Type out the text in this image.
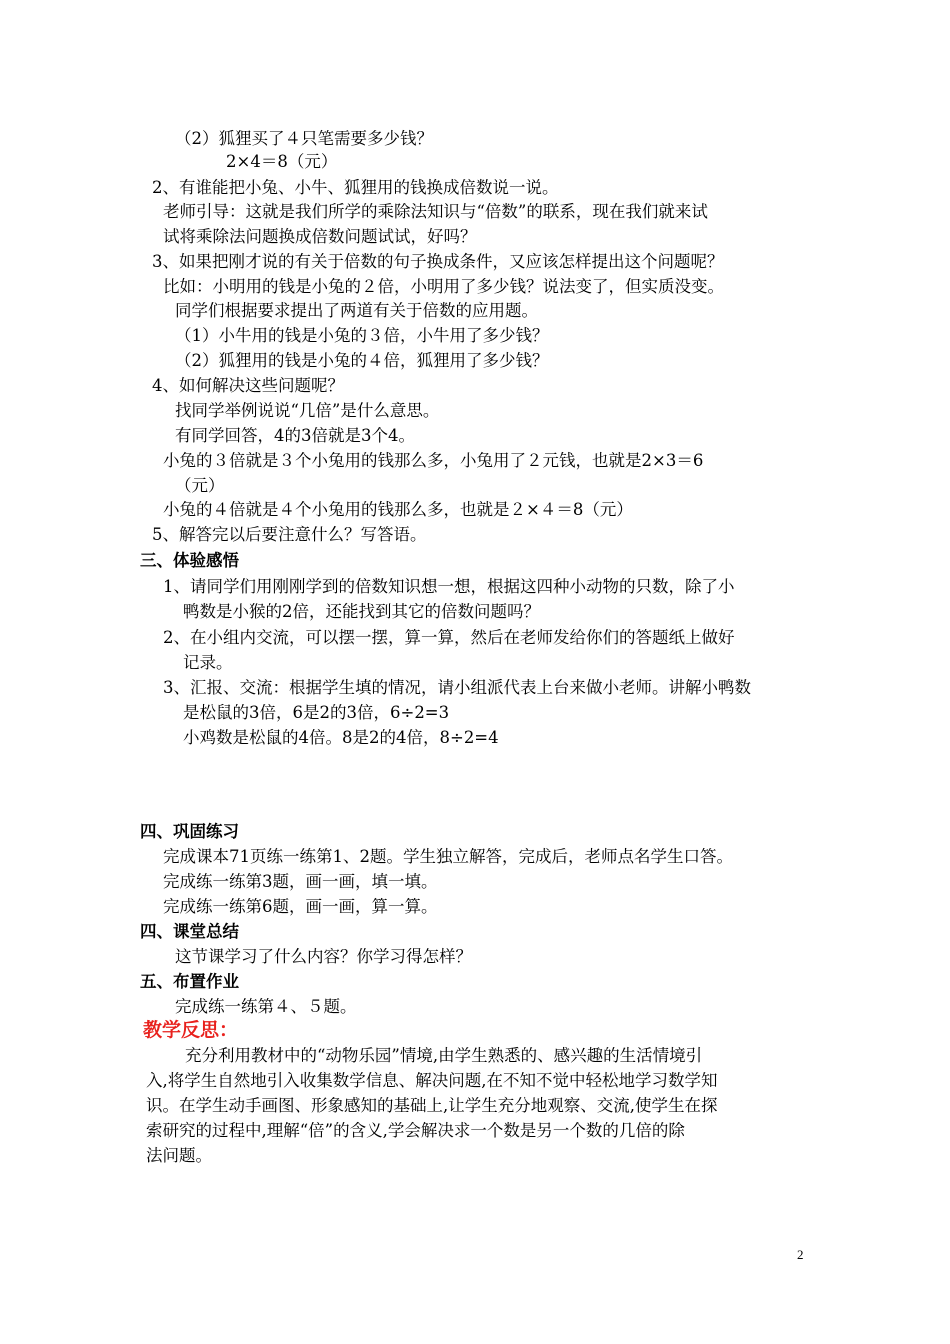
（2）狐狸买了４只笔需要多少钱？
2×4＝8（元）
2、有谁能把小兔、小牛、狐狸用的钱换成倍数说一说。
老师引导：这就是我们所学的乘除法知识与“倍数”的联系，现在我们就来试
试将乘除法问题换成倍数问题试试，好吗？
3、如果把刚才说的有关于倍数的句子换成条件，又应该怎样提出这个问题呢？
比如：小明用的钱是小兔的２倍，小明用了多少钱？说法变了，但实质没变。
同学们根据要求提出了两道有关于倍数的应用题。
（1）小牛用的钱是小兔的３倍，小牛用了多少钱？
（2）狐狸用的钱是小兔的４倍，狐狸用了多少钱？
4、如何解决这些问题呢？
找同学举例说说“几倍”是什么意思。
有同学回答，4的3倍就是3个4。
小兔的３倍就是３个小兔用的钱那么多，小兔用了２元钱，也就是2×3＝6
（元）
小兔的４倍就是４个小兔用的钱那么多，也就是２×４＝8（元）
5、解答完以后要注意什么？写答语。
三、体验感悟
1、请同学们用刚刚学到的倍数知识想一想，根据这四种小动物的只数，除了小
鸭数是小猴的2倍，还能找到其它的倍数问题吗？
2、在小组内交流，可以摆一摆，算一算，然后在老师发给你们的答题纸上做好
记录。
3、汇报、交流：根据学生填的情况，请小组派代表上台来做小老师。讲解小鸭数
是松鼠的3倍，6是2的3倍，6÷2=3
小鸡数是松鼠的4倍。8是2的4倍，8÷2=4
四、巩固练习
完成课本71页练一练第1、2题。学生独立解答，完成后，老师点名学生口答。
完成练一练第3题，画一画，填一填。
完成练一练第6题，画一画，算一算。
四、课堂总结
这节课学习了什么内容？你学习得怎样？
五、布置作业
完成练一练第４、５题。
教学反思：
充分利用教材中的“动物乐园”情境,由学生熟悉的、感兴趣的生活情境引
入,将学生自然地引入收集数学信息、解决问题,在不知不觉中轻松地学习数学知
识。在学生动手画图、形象感知的基础上,让学生充分地观察、交流,使学生在探
索研究的过程中,理解“倍”的含义,学会解决求一个数是另一个数的几倍的除
法问题。
2
